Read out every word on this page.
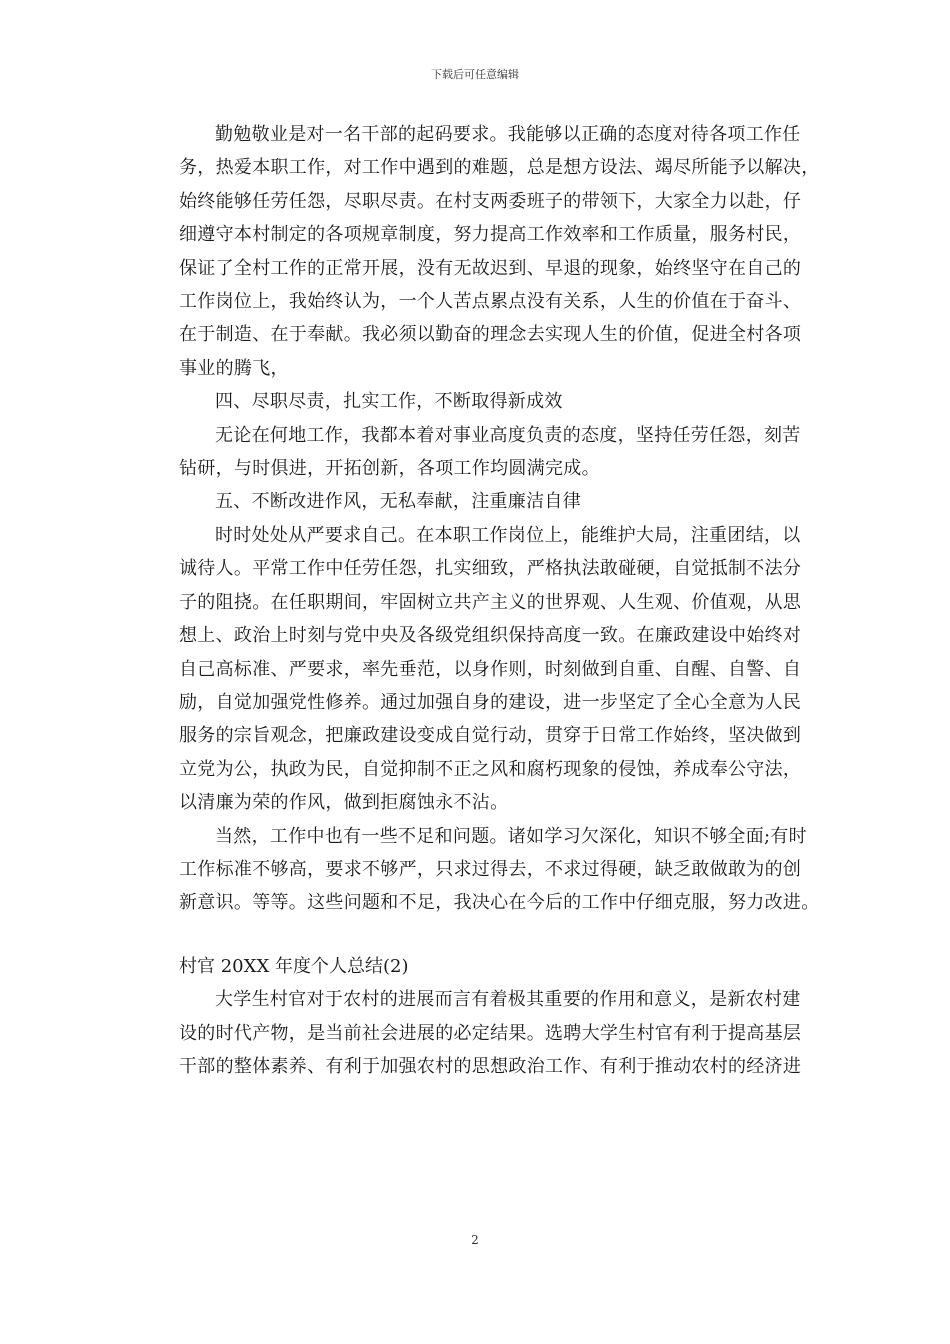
下载后可任意编辑
勤勉敬业是对一名干部的起码要求。我能够以正确的态度对待各项工作任
务，热爱本职工作，对工作中遇到的难题，总是想方设法、竭尽所能予以解决，
始终能够任劳任怨，尽职尽责。在村支两委班子的带领下，大家全力以赴，仔
细遵守本村制定的各项规章制度，努力提高工作效率和工作质量，服务村民，
保证了全村工作的正常开展，没有无故迟到、早退的现象，始终坚守在自己的
工作岗位上，我始终认为，一个人苦点累点没有关系，人生的价值在于奋斗、
在于制造、在于奉献。我必须以勤奋的理念去实现人生的价值，促进全村各项
事业的腾飞，
四、尽职尽责，扎实工作，不断取得新成效
无论在何地工作，我都本着对事业高度负责的态度，坚持任劳任怨，刻苦
钻研，与时俱进，开拓创新，各项工作均圆满完成。
五、不断改进作风，无私奉献，注重廉洁自律
时时处处从严要求自己。在本职工作岗位上，能维护大局，注重团结，以
诚待人。平常工作中任劳任怨，扎实细致，严格执法敢碰硬，自觉抵制不法分
子的阻挠。在任职期间，牢固树立共产主义的世界观、人生观、价值观，从思
想上、政治上时刻与党中央及各级党组织保持高度一致。在廉政建设中始终对
自己高标准、严要求，率先垂范，以身作则，时刻做到自重、自醒、自警、自
励，自觉加强党性修养。通过加强自身的建设，进一步坚定了全心全意为人民
服务的宗旨观念，把廉政建设变成自觉行动，贯穿于日常工作始终，坚决做到
立党为公，执政为民，自觉抑制不正之风和腐朽现象的侵蚀，养成奉公守法，
以清廉为荣的作风，做到拒腐蚀永不沾。
当然，工作中也有一些不足和问题。诸如学习欠深化，知识不够全面;有时
工作标准不够高，要求不够严，只求过得去，不求过得硬，缺乏敢做敢为的创
新意识。等等。这些问题和不足，我决心在今后的工作中仔细克服，努力改进。
村官 20XX 年度个人总结(2)
大学生村官对于农村的进展而言有着极其重要的作用和意义，是新农村建
设的时代产物，是当前社会进展的必定结果。选聘大学生村官有利于提高基层
干部的整体素养、有利于加强农村的思想政治工作、有利于推动农村的经济进
2
